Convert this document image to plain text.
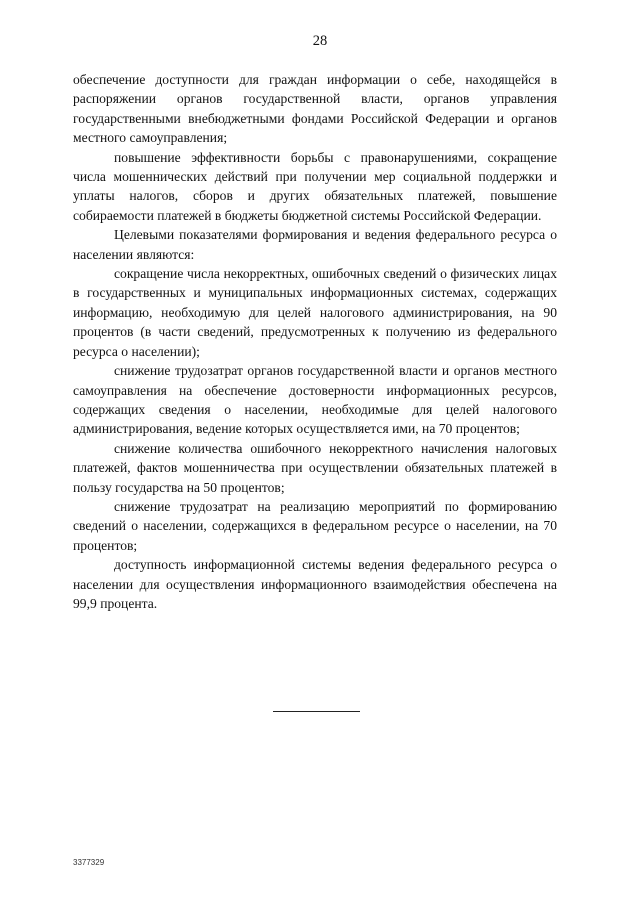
28

обеспечение доступности для граждан информации о себе, находящейся в распоряжении органов государственной власти, органов управления государственными внебюджетными фондами Российской Федерации и органов местного самоуправления;

повышение эффективности борьбы с правонарушениями, сокращение числа мошеннических действий при получении мер социальной поддержки и уплаты налогов, сборов и других обязательных платежей, повышение собираемости платежей в бюджеты бюджетной системы Российской Федерации.

Целевыми показателями формирования и ведения федерального ресурса о населении являются:

сокращение числа некорректных, ошибочных сведений о физических лицах в государственных и муниципальных информационных системах, содержащих информацию, необходимую для целей налогового администрирования, на 90 процентов (в части сведений, предусмотренных к получению из федерального ресурса о населении);

снижение трудозатрат органов государственной власти и органов местного самоуправления на обеспечение достоверности информационных ресурсов, содержащих сведения о населении, необходимые для целей налогового администрирования, ведение которых осуществляется ими, на 70 процентов;

снижение количества ошибочного некорректного начисления налоговых платежей, фактов мошенничества при осуществлении обязательных платежей в пользу государства на 50 процентов;

снижение трудозатрат на реализацию мероприятий по формированию сведений о населении, содержащихся в федеральном ресурсе о населении, на 70 процентов;

доступность информационной системы ведения федерального ресурса о населении для осуществления информационного взаимодействия обеспечена на 99,9 процента.

3377329
